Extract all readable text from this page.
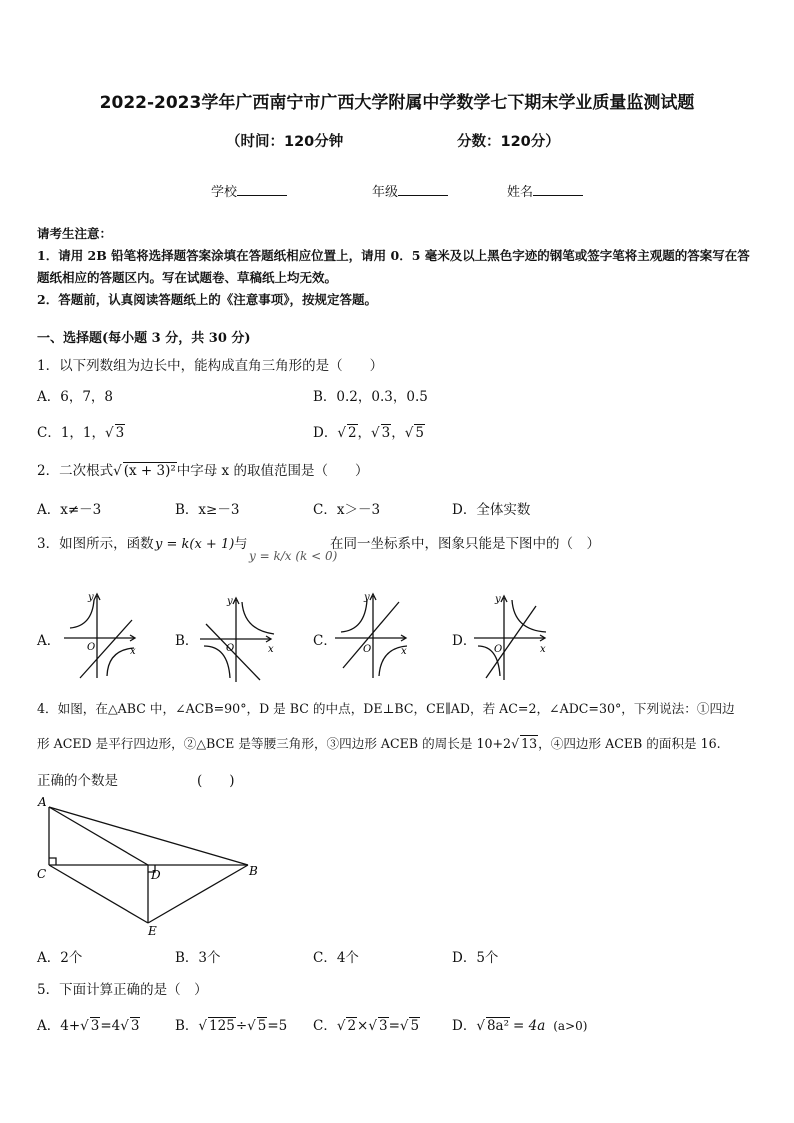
2022-2023学年广西南宁市广西大学附属中学数学七下期末学业质量监测试题
（时间：120分钟	分数：120分）
学校	年级	姓名
请考生注意：
1．请用 2B 铅笔将选择题答案涂填在答题纸相应位置上，请用 0．5 毫米及以上黑色字迹的钢笔或签字笔将主观题的答案写在答题纸相应的答题区内。写在试题卷、草稿纸上均无效。
2．答题前，认真阅读答题纸上的《注意事项》，按规定答题。
一、选择题(每小题 3 分，共 30 分)
1．以下列数组为边长中，能构成直角三角形的是（　　）
A．6，7，8	B．0.2，0.3，0.5
C．1，1，√ 3	D．√ 2，√ 3，√ 5
2．二次根式√ (x + 3)²中字母 x 的取值范围是（　　）
A．x≠－3	B．x≥－3	C．x＞－3	D．全体实数
3．如图所示，函数 y = k(x + 1) 与
y = k/x (k < 0)
在同一坐标系中，图象只能是下图中的（　）
A．	B．	C．	D．
y
x
O
y
x
O
y
x
O
y
x
O
4．如图，在△ABC 中，∠ACB=90°，D 是 BC 的中点，DE⊥BC，CE∥AD，若 AC=2，∠ADC=30°，下列说法：①四边
形 ACED 是平行四边形，②△BCE 是等腰三角形，③四边形 ACEB 的周长是 10+2√ 13，④四边形 ACEB 的面积是 16.
正确的个数是	(　　)
A
B
C	D
E
A．2个	B．3个	C．4个	D．5个
5．下面计算正确的是（　）
A．4+√ 3=4√ 3	B．√ 125÷√ 5=5 C．√ 2×√ 3=√ 5 D．√ 8a² = 4a (a>0)
